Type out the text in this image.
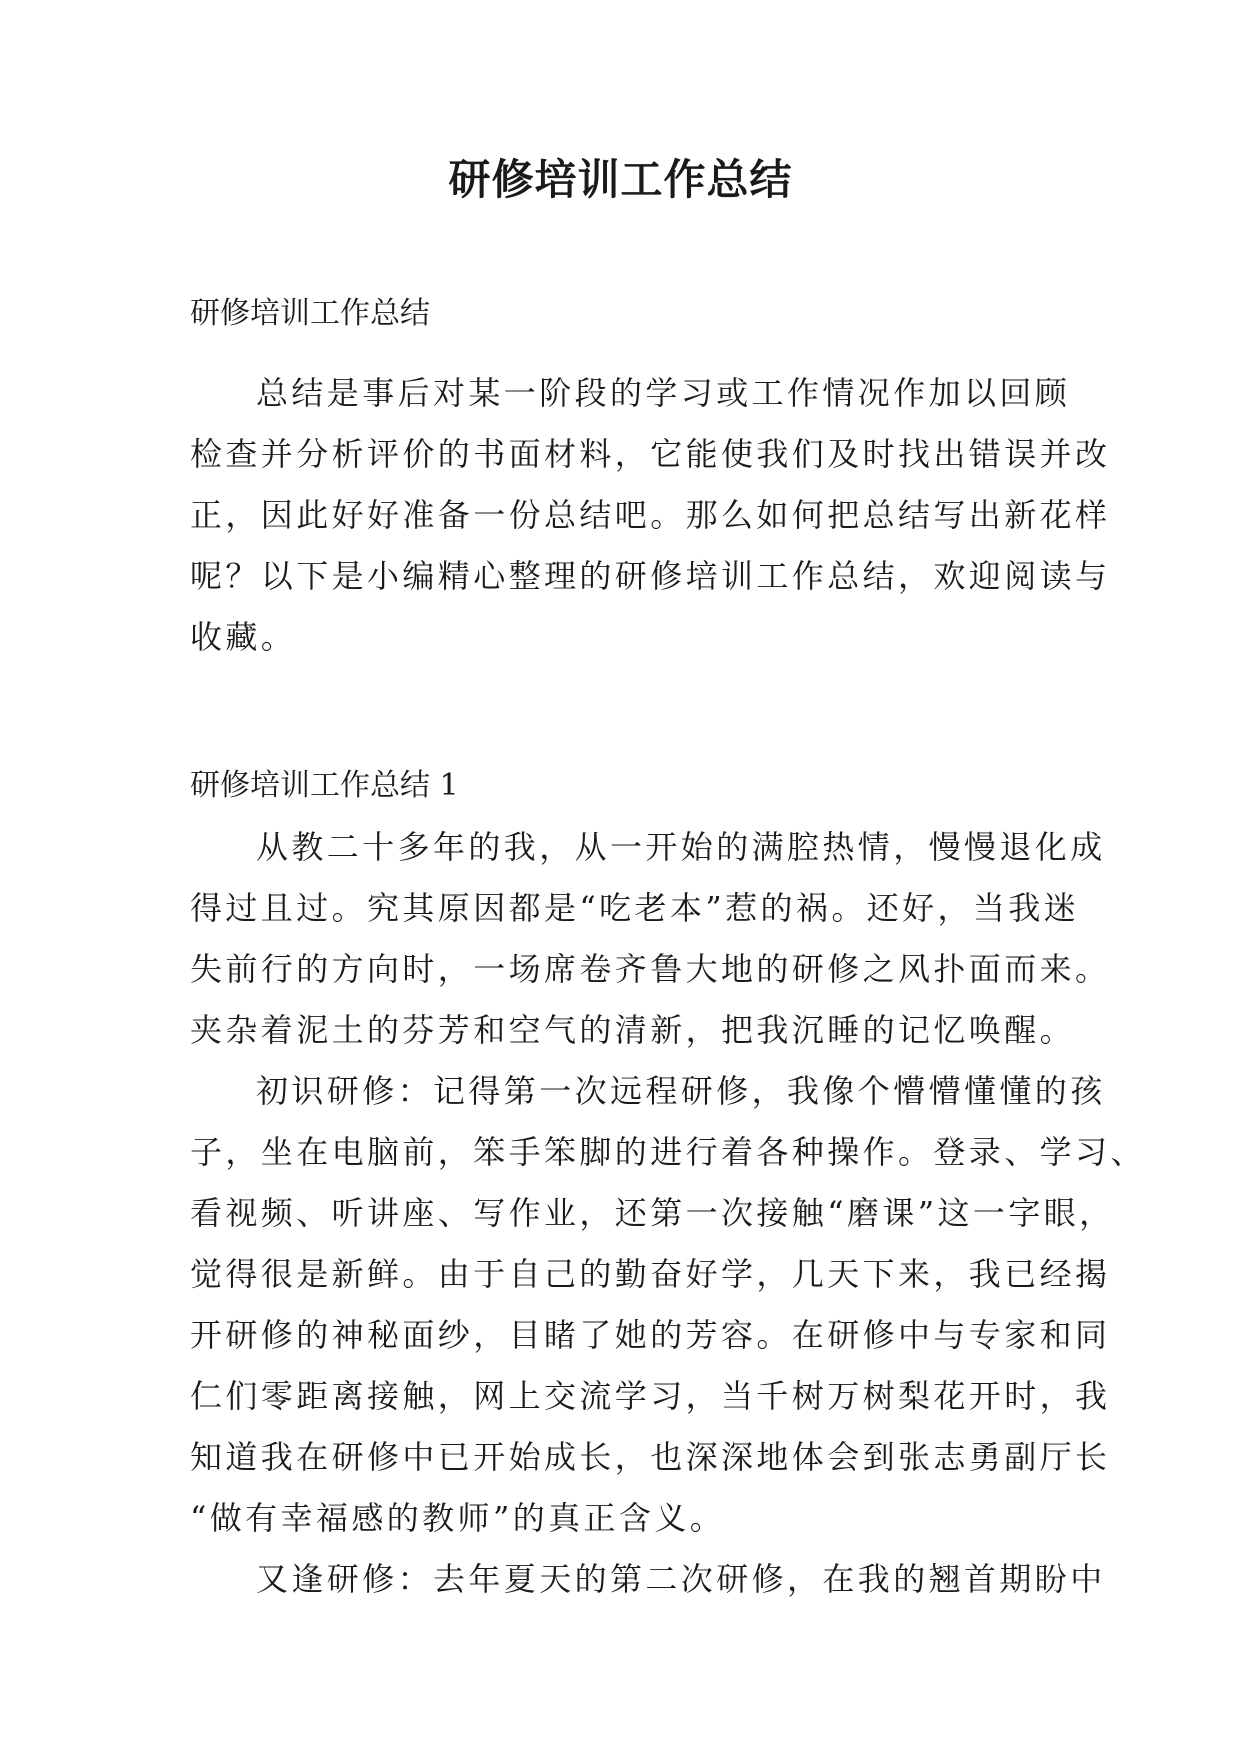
研修培训工作总结

研修培训工作总结

总结是事后对某一阶段的学习或工作情况作加以回顾

检查并分析评价的书面材料，它能使我们及时找出错误并改

正，因此好好准备一份总结吧。那么如何把总结写出新花样

呢？以下是小编精心整理的研修培训工作总结，欢迎阅读与

收藏。

研修培训工作总结 1

从教二十多年的我，从一开始的满腔热情，慢慢退化成

得过且过。究其原因都是“吃老本”惹的祸。还好，当我迷

失前行的方向时，一场席卷齐鲁大地的研修之风扑面而来。

夹杂着泥土的芬芳和空气的清新，把我沉睡的记忆唤醒。

初识研修：记得第一次远程研修，我像个懵懵懂懂的孩

子，坐在电脑前，笨手笨脚的进行着各种操作。登录、学习、

看视频、听讲座、写作业，还第一次接触“磨课”这一字眼，

觉得很是新鲜。由于自己的勤奋好学，几天下来，我已经揭

开研修的神秘面纱，目睹了她的芳容。在研修中与专家和同

仁们零距离接触，网上交流学习，当千树万树梨花开时，我

知道我在研修中已开始成长，也深深地体会到张志勇副厅长

“做有幸福感的教师”的真正含义。

又逢研修：去年夏天的第二次研修，在我的翘首期盼中
